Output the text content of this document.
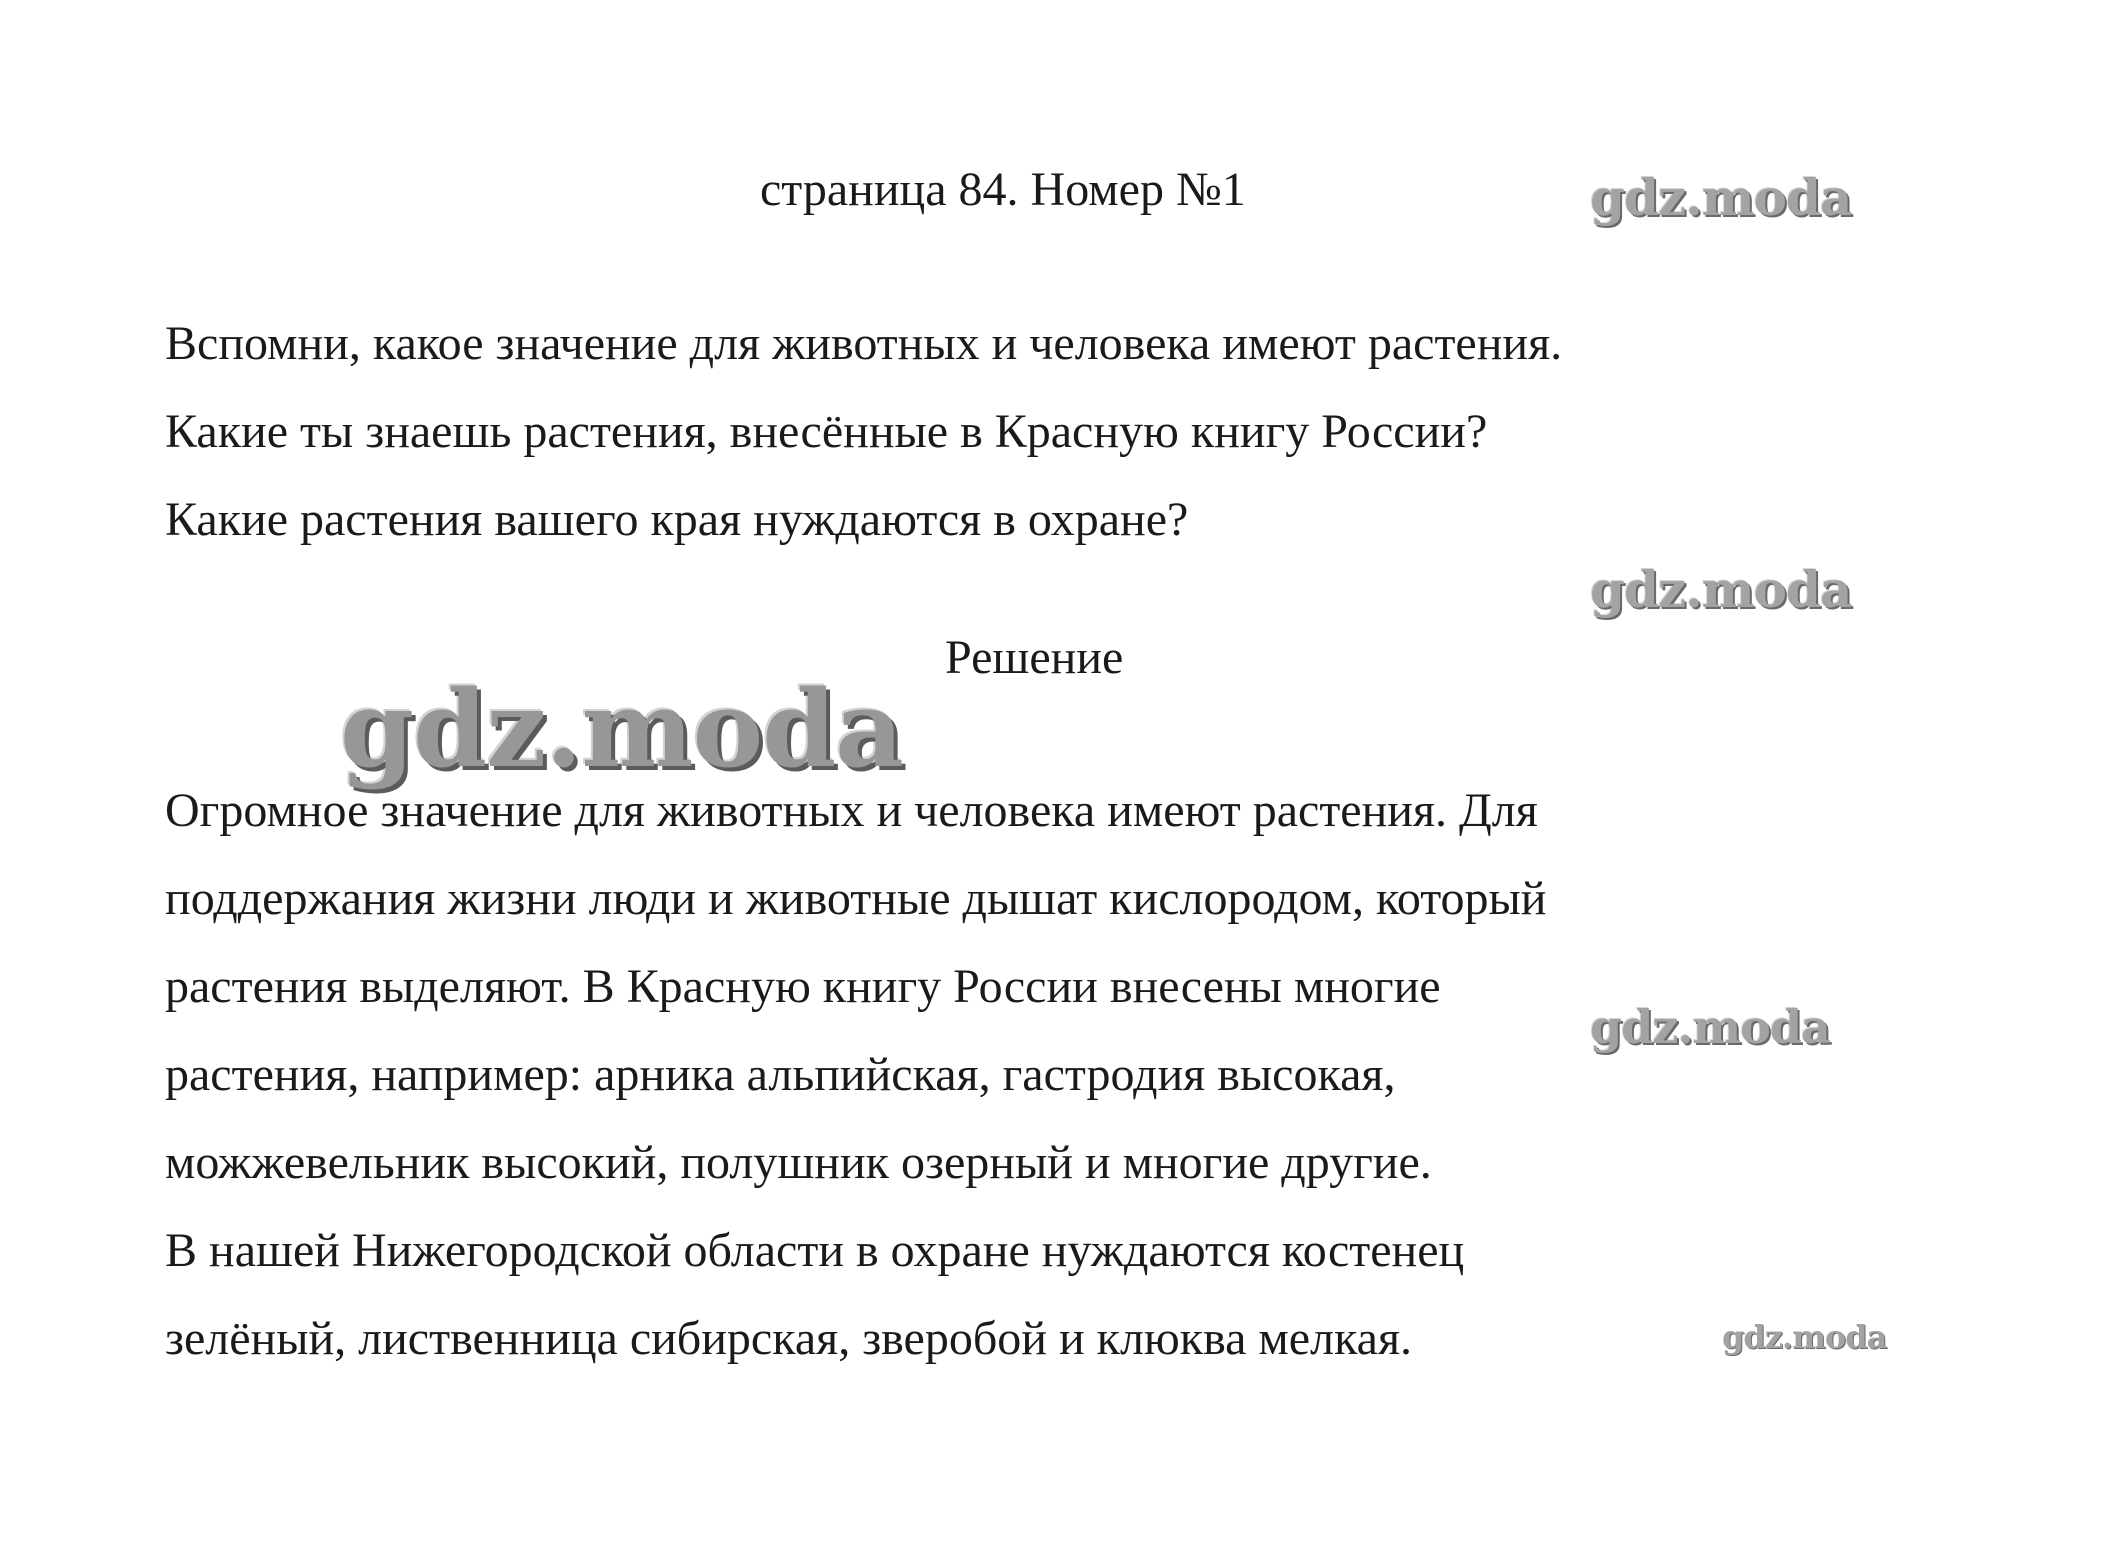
страница 84. Номер №1	gdz.moda
Вспомни, какое значение для животных и человека имеют растения.
Какие ты знаешь растения, внесённые в Красную книгу России?
Какие растения вашего края нуждаются в охране?
gdz.moda
Решение
Огромное значение для животных и человека имеют растения. Для
поддержания жизни люди и животные дышат кислородом, который
растения выделяют. В Красную книгу России внесены многие
растения, например: арника альпийская, гастродия высокая,
можжевельник высокий, полушник озерный и многие другие.
В нашей Нижегородской области в охране нуждаются костенец
зелёный, лиственница сибирская, зверобой и клюква мелкая.
gdz.moda
gdz.moda
gdz.moda
